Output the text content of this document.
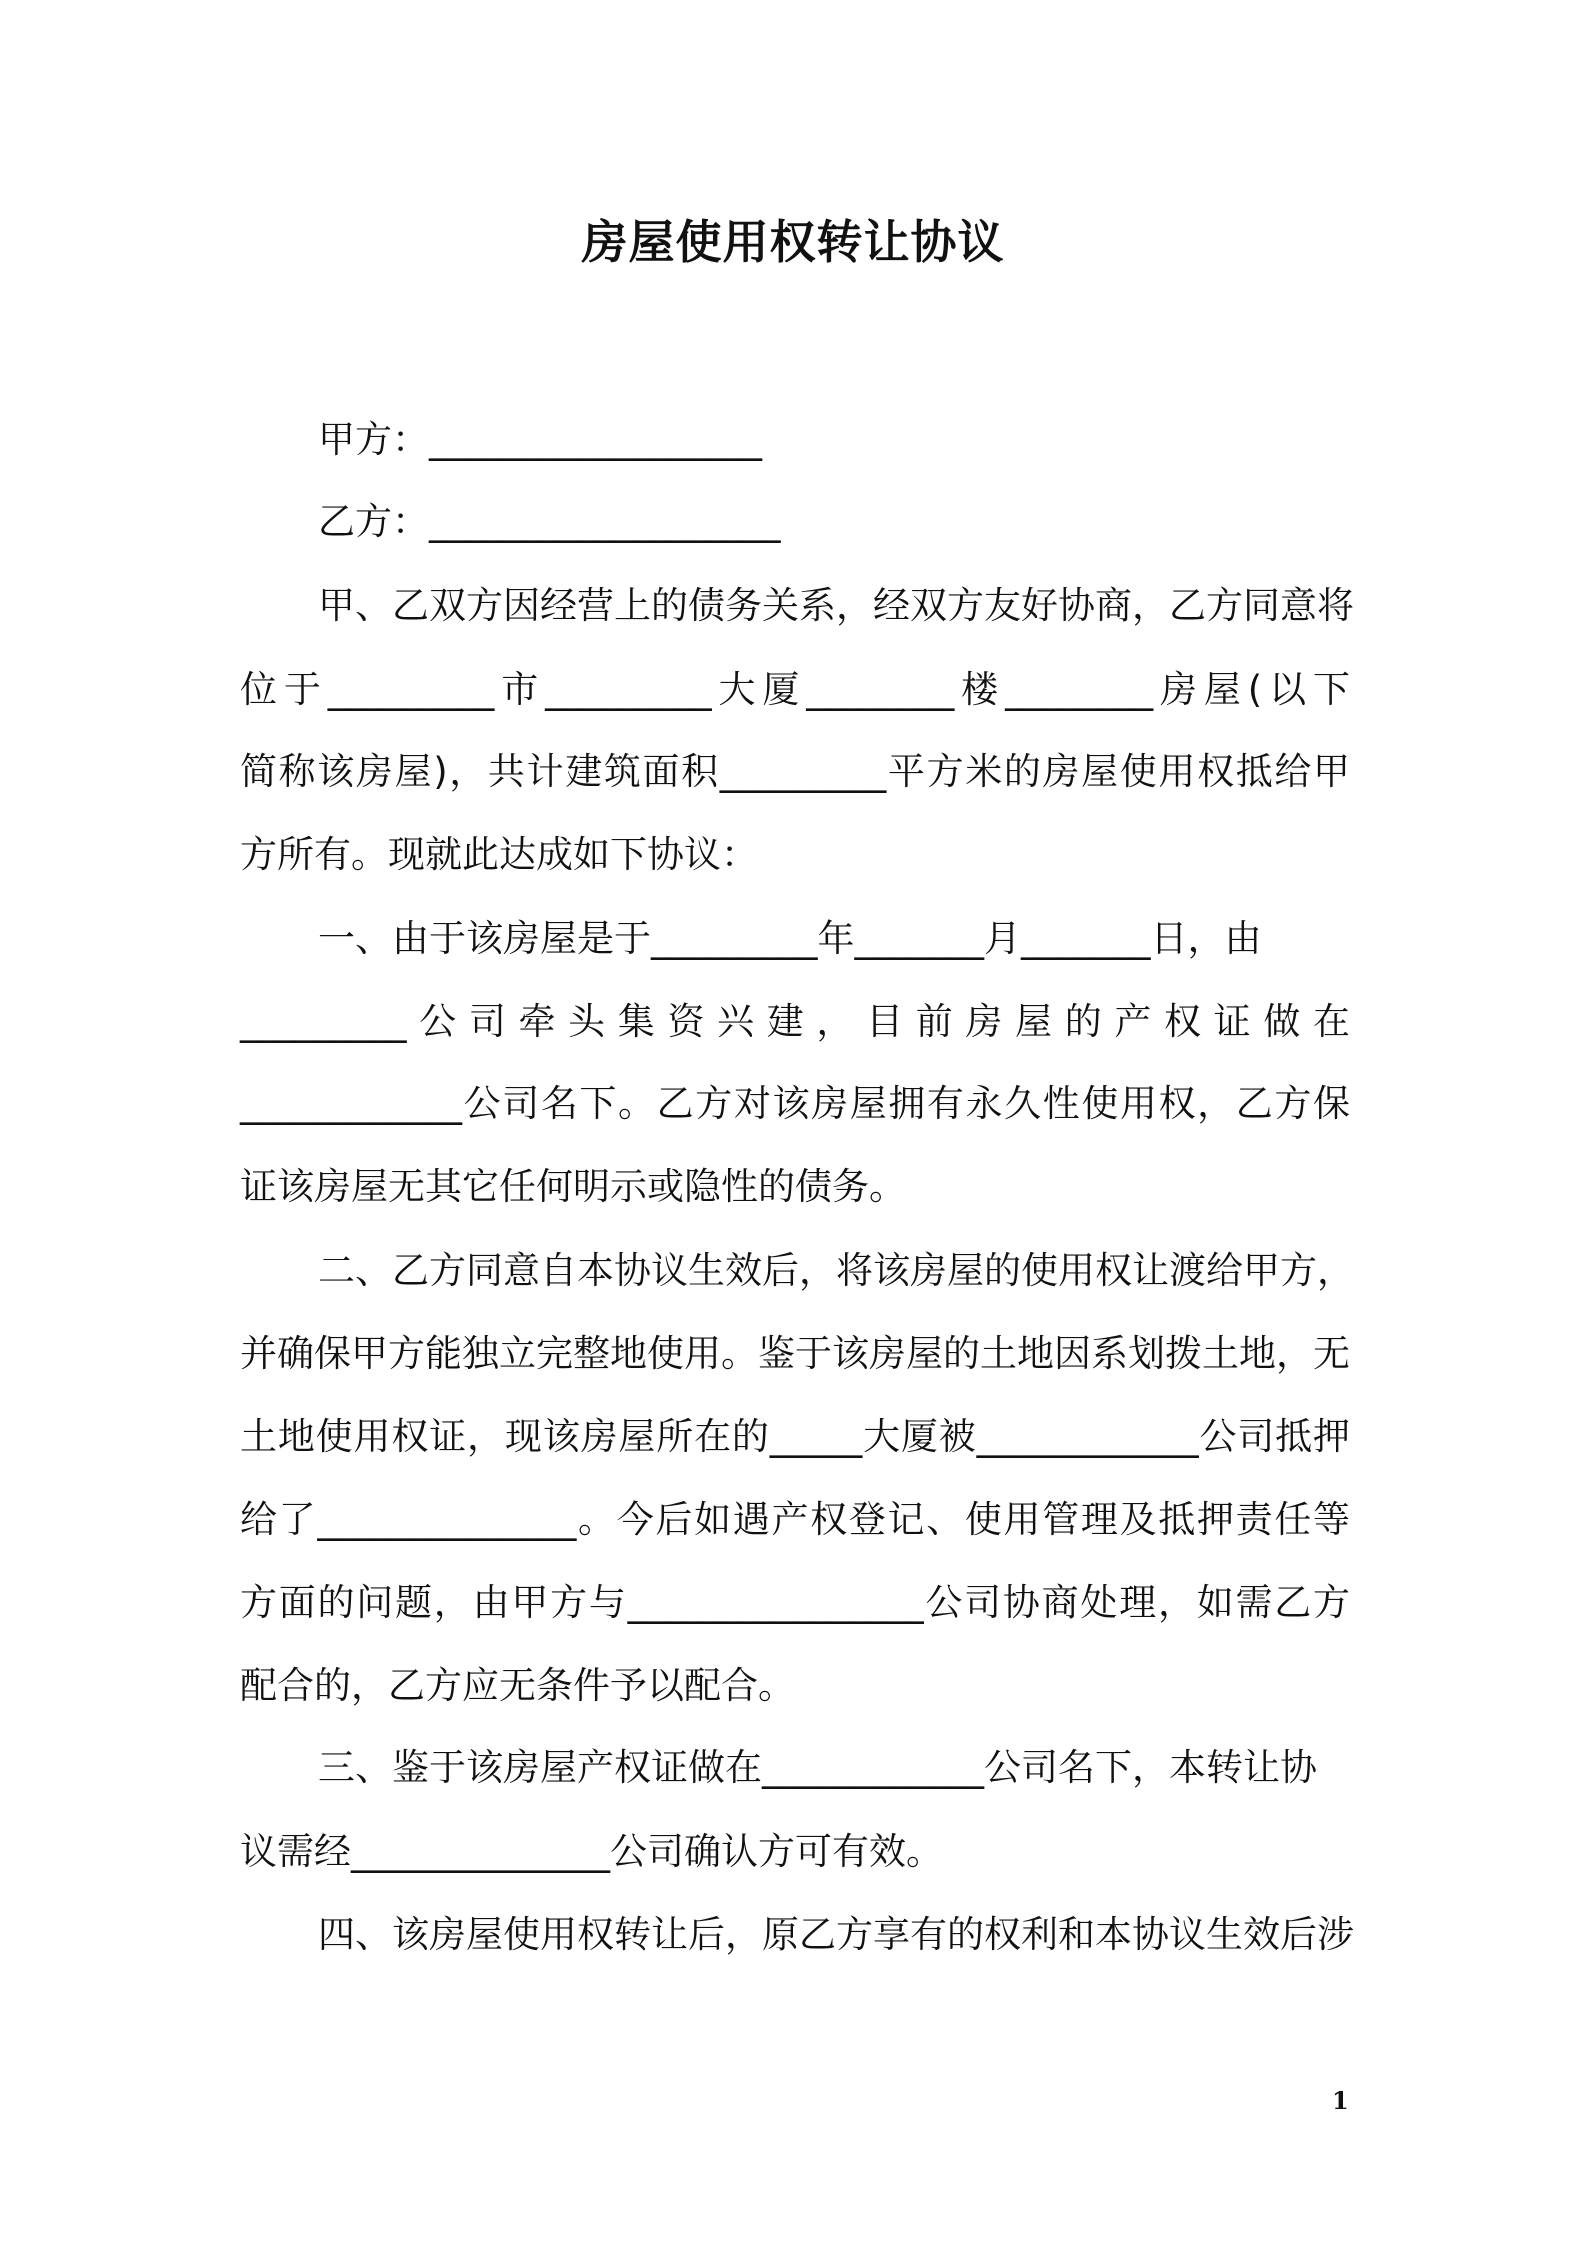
房屋使用权转让协议

甲方：__________________

乙方：___________________

甲、乙双方因经营上的债务关系，经双方友好协商，乙方同意将

位于_________市_________大厦________楼________房屋(以下

简称该房屋)，共计建筑面积_________平方米的房屋使用权抵给甲

方所有。现就此达成如下协议：

一、由于该房屋是于_________年_______月_______日，由

_________公司牵头集资兴建，目前房屋的产权证做在

____________公司名下。乙方对该房屋拥有永久性使用权，乙方保

证该房屋无其它任何明示或隐性的债务。

二、乙方同意自本协议生效后，将该房屋的使用权让渡给甲方，

并确保甲方能独立完整地使用。鉴于该房屋的土地因系划拨土地，无

土地使用权证，现该房屋所在的_____大厦被____________公司抵押

给了______________。今后如遇产权登记、使用管理及抵押责任等

方面的问题，由甲方与________________公司协商处理，如需乙方

配合的，乙方应无条件予以配合。

三、鉴于该房屋产权证做在____________公司名下，本转让协

议需经______________公司确认方可有效。

四、该房屋使用权转让后，原乙方享有的权利和本协议生效后涉

1
